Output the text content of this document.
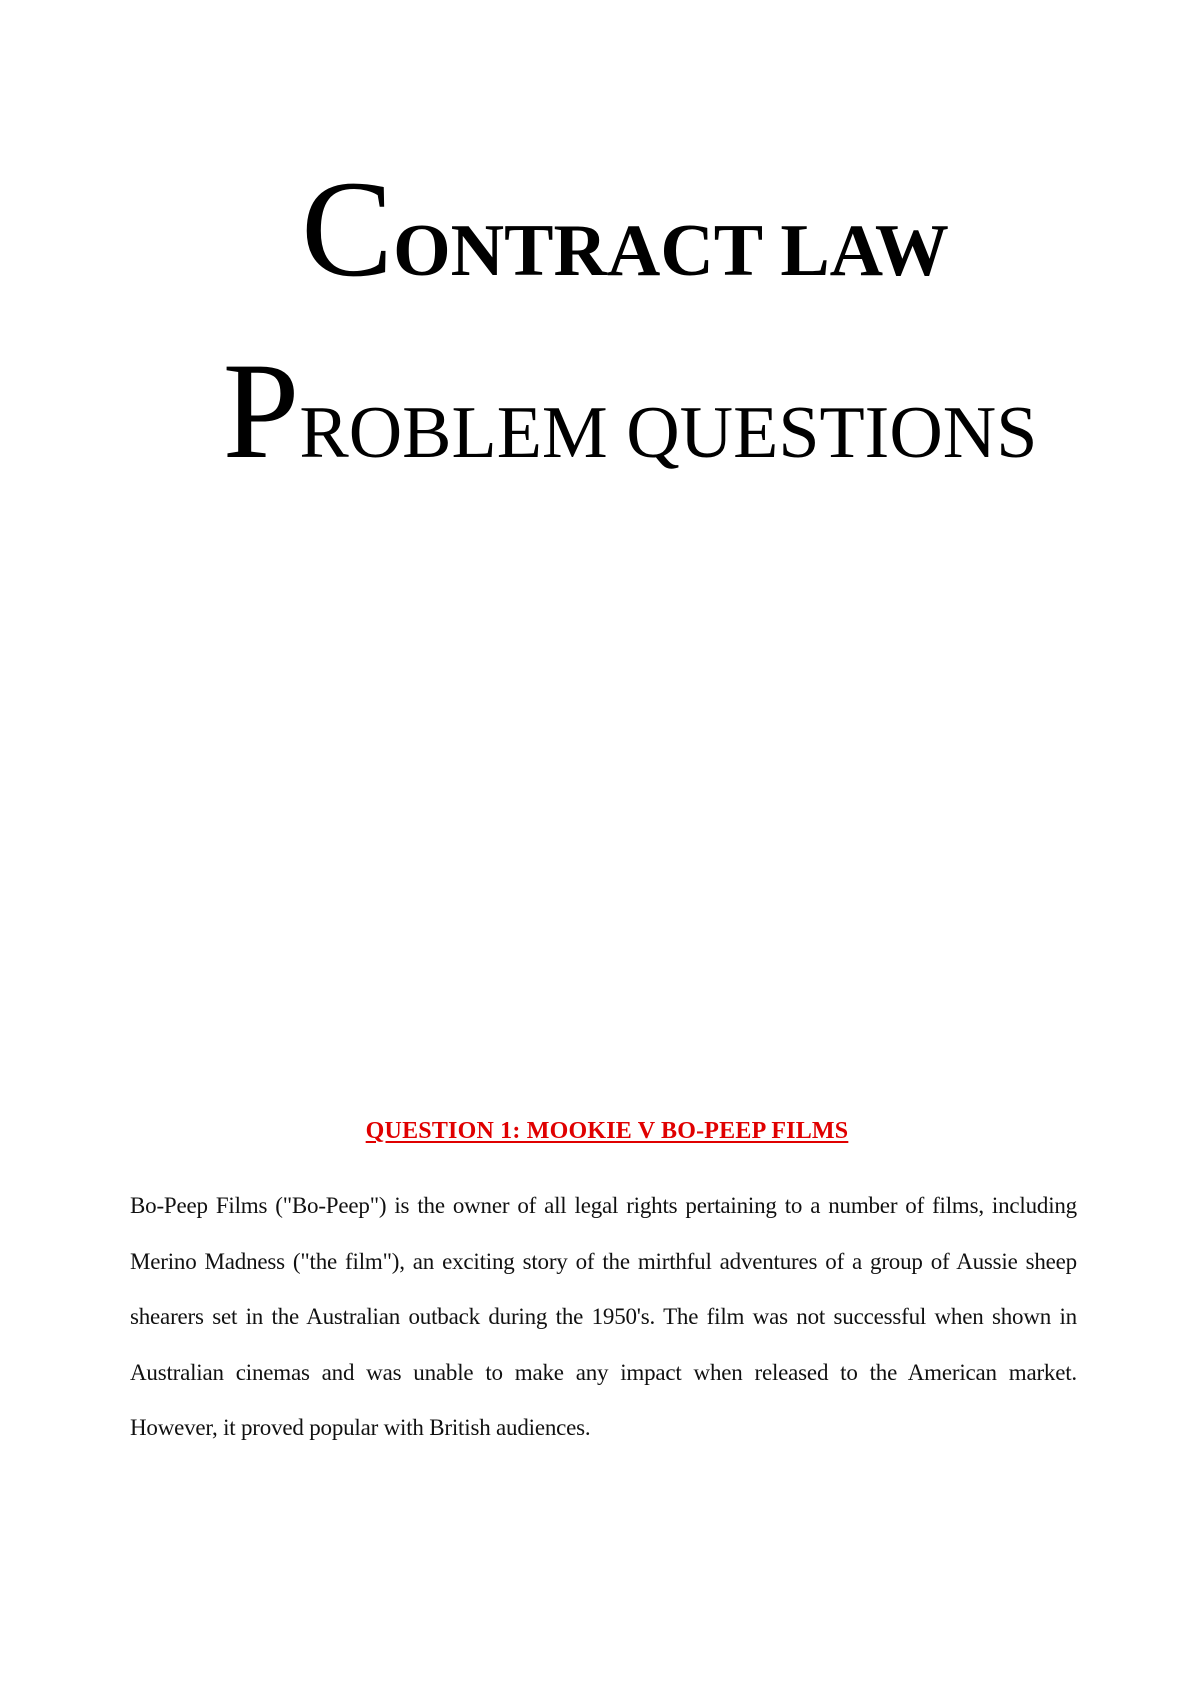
CONTRACT LAW
PROBLEM QUESTIONS
QUESTION 1: MOOKIE V BO-PEEP FILMS
Bo-Peep Films ("Bo-Peep") is the owner of all legal rights pertaining to a number of films, including Merino Madness ("the film"), an exciting story of the mirthful adventures of a group of Aussie sheep shearers set in the Australian outback during the 1950's. The film was not successful when shown in Australian cinemas and was unable to make any impact when released to the American market. However, it proved popular with British audiences.
